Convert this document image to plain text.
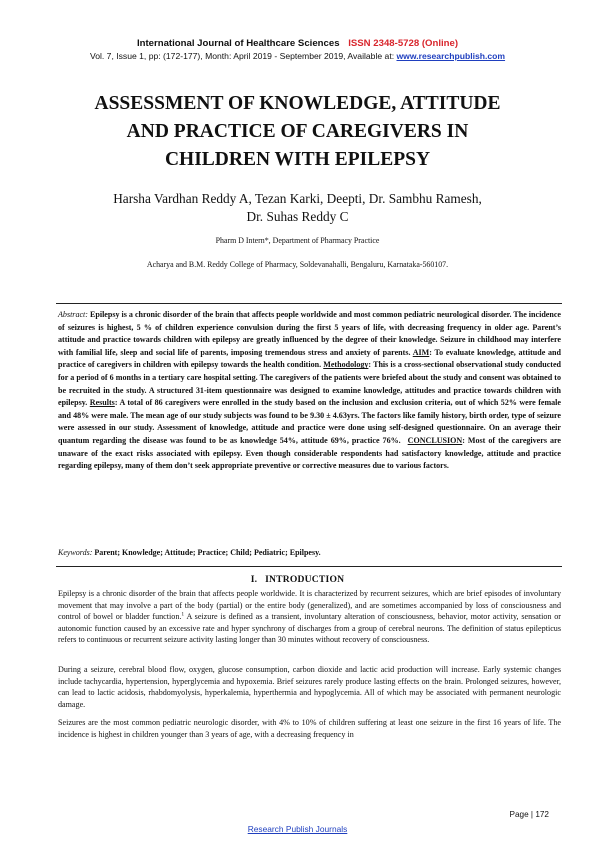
International Journal of Healthcare Sciences ISSN 2348-5728 (Online)
Vol. 7, Issue 1, pp: (172-177), Month: April 2019 - September 2019, Available at: www.researchpublish.com
ASSESSMENT OF KNOWLEDGE, ATTITUDE
AND PRACTICE OF CAREGIVERS IN
CHILDREN WITH EPILEPSY
Harsha Vardhan Reddy A, Tezan Karki, Deepti, Dr. Sambhu Ramesh,
Dr. Suhas Reddy C
Pharm D Intern*, Department of Pharmacy Practice
Acharya and B.M. Reddy College of Pharmacy, Soldevanahalli, Bengaluru, Karnataka-560107.
Abstract: Epilepsy is a chronic disorder of the brain that affects people worldwide and most common pediatric neurological disorder. The incidence of seizures is highest, 5 % of children experience convulsion during the first 5 years of life, with decreasing frequency in older age. Parent’s attitude and practice towards children with epilepsy are greatly influenced by the degree of their knowledge. Seizure in childhood may interfere with familial life, sleep and social life of parents, imposing tremendous stress and anxiety of parents. AIM: To evaluate knowledge, attitude and practice of caregivers in children with epilepsy towards the health condition. Methodology: This is a cross-sectional observational study conducted for a period of 6 months in a tertiary care hospital setting. The caregivers of the patients were briefed about the study and consent was obtained to be recruited in the study. A structured 31-item questionnaire was designed to examine knowledge, attitudes and practice towards children with epilepsy. Results: A total of 86 caregivers were enrolled in the study based on the inclusion and exclusion criteria, out of which 52% were female and 48% were male. The mean age of our study subjects was found to be 9.30 ± 4.63yrs. The factors like family history, birth order, type of seizure were assessed in our study. Assessment of knowledge, attitude and practice were done using self-designed questionnaire. On an average their quantum regarding the disease was found to be as knowledge 54%, attitude 69%, practice 76%. CONCLUSION: Most of the caregivers are unaware of the exact risks associated with epilepsy. Even though considerable respondents had satisfactory knowledge, attitude and practice regarding epilepsy, many of them don’t seek appropriate preventive or corrective measures due to various factors.
Keywords: Parent; Knowledge; Attitude; Practice; Child; Pediatric; Epilpesy.
I. INTRODUCTION

Epilepsy is a chronic disorder of the brain that affects people worldwide. It is characterized by recurrent seizures, which are brief episodes of involuntary movement that may involve a part of the body (partial) or the entire body (generalized), and are sometimes accompanied by loss of consciousness and control of bowel or bladder function.$^1$ A seizure is defined as a transient, involuntary alteration of consciousness, behavior, motor activity, sensation or autonomic function caused by an excessive rate and hyper synchrony of discharges from a group of cerebral neurons. The definition of status epilepticus refers to continuous or recurrent seizure activity lasting longer than 30 minutes without recovery of consciousness.

During a seizure, cerebral blood flow, oxygen, glucose consumption, carbon dioxide and lactic acid production will increase. Early systemic changes include tachycardia, hypertension, hyperglycemia and hypoxemia. Brief seizures rarely produce lasting effects on the brain. Prolonged seizures, however, can lead to lactic acidosis, rhabdomyolysis, hyperkalemia, hyperthermia and hypoglycemia. All of which may be associated with permanent neurologic damage.

Seizures are the most common pediatric neurologic disorder, with 4% to 10% of children suffering at least one seizure in the first 16 years of life. The incidence is highest in children younger than 3 years of age, with a decreasing frequency in

Page | 172
Research Publish Journals
